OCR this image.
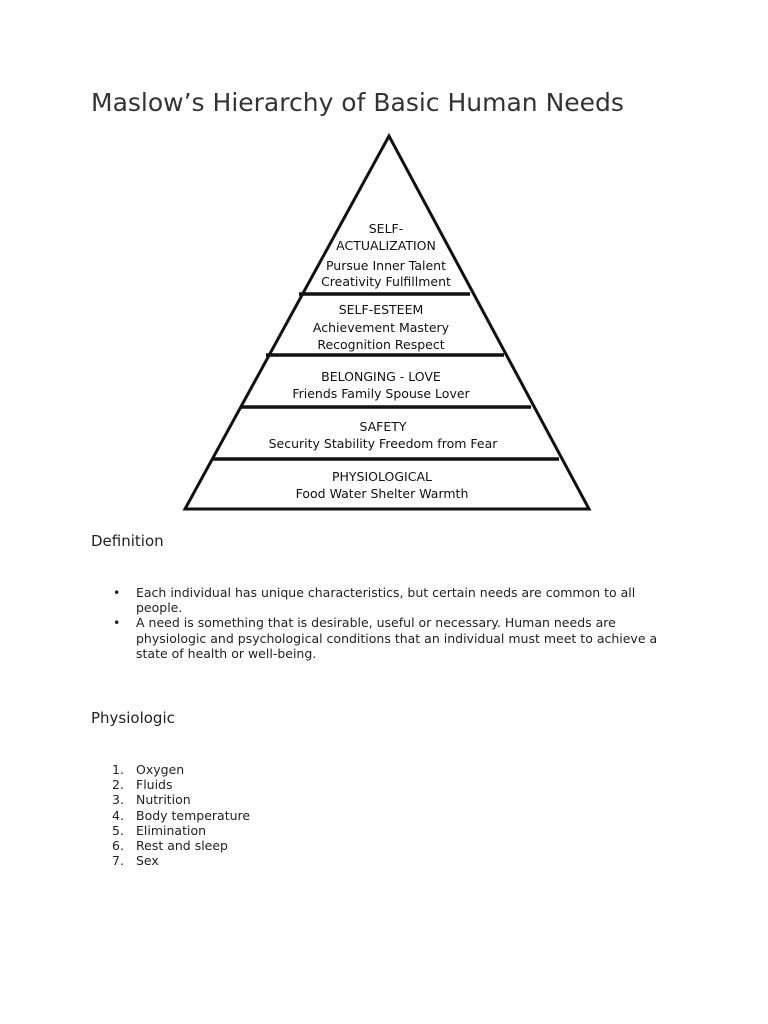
Maslow’s Hierarchy of Basic Human Needs
SELF-
ACTUALIZATION
Pursue Inner Talent
Creativity Fulfillment
SELF-ESTEEM
Achievement Mastery
Recognition Respect
BELONGING - LOVE
Friends Family Spouse Lover
SAFETY
Security Stability Freedom from Fear
PHYSIOLOGICAL
Food Water Shelter Warmth
Definition
• Each individual has unique characteristics, but certain needs are common to all people.
• A need is something that is desirable, useful or necessary. Human needs are physiologic and psychological conditions that an individual must meet to achieve a state of health or well-being.
Physiologic
1. Oxygen
2. Fluids
3. Nutrition
4. Body temperature
5. Elimination
6. Rest and sleep
7. Sex
